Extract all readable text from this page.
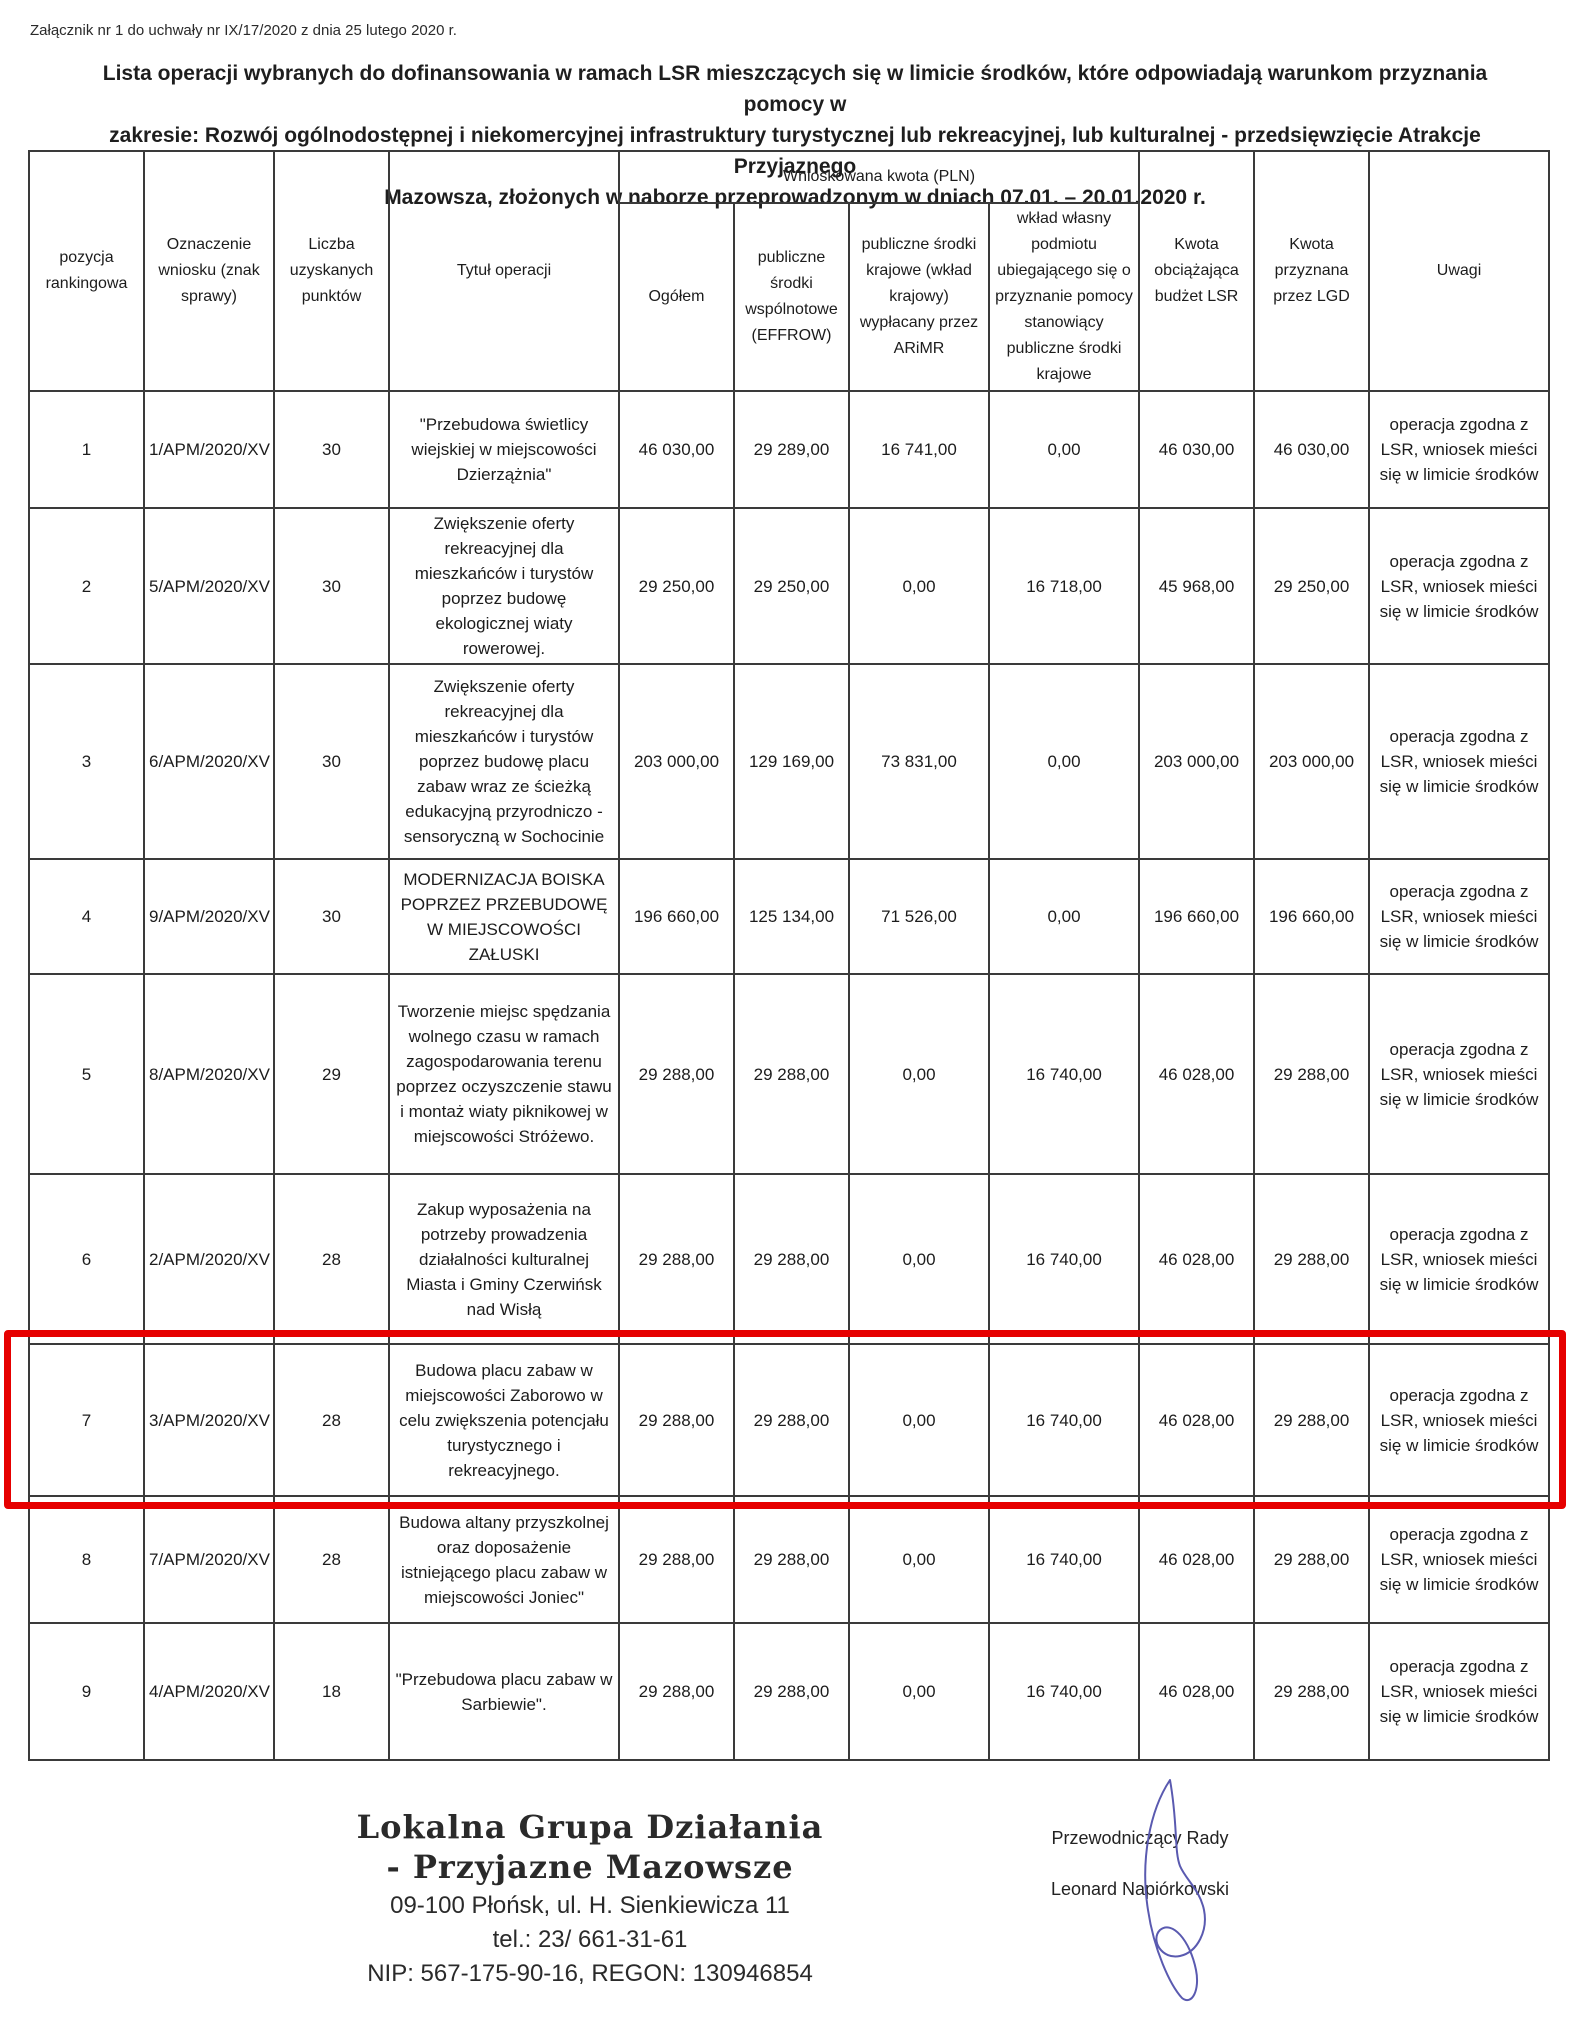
Załącznik nr 1 do uchwały nr IX/17/2020 z dnia 25 lutego 2020 r.
Lista operacji wybranych do dofinansowania w ramach LSR mieszczących się w limicie środków, które odpowiadają warunkom przyznania pomocy w
zakresie: Rozwój ogólnodostępnej i niekomercyjnej infrastruktury turystycznej lub rekreacyjnej, lub kulturalnej - przedsięwzięcie Atrakcje Przyjaznego
Mazowsza, złożonych w naborze przeprowadzonym w dniach 07.01. – 20.01.2020 r.
pozycja rankingowa	Oznaczenie wniosku (znak sprawy)	Liczba uzyskanych punktów	Tytuł operacji	Wnioskowana kwota (PLN)				Kwota obciążająca budżet LSR	Kwota przyznana przez LGD	Uwagi
				Ogółem	publiczne środki wspólnotowe (EFFROW)	publiczne środki krajowe (wkład krajowy) wypłacany przez ARiMR	wkład własny podmiotu ubiegającego się o przyznanie pomocy stanowiący publiczne środki krajowe			
1	1/APM/2020/XV	30	"Przebudowa świetlicy wiejskiej w miejscowości Dzierzążnia"	46 030,00	29 289,00	16 741,00	0,00	46 030,00	46 030,00	operacja zgodna z LSR, wniosek mieści się w limicie środków
2	5/APM/2020/XV	30	Zwiększenie oferty rekreacyjnej dla mieszkańców i turystów poprzez budowę ekologicznej wiaty rowerowej.	29 250,00	29 250,00	0,00	16 718,00	45 968,00	29 250,00	operacja zgodna z LSR, wniosek mieści się w limicie środków
3	6/APM/2020/XV	30	Zwiększenie oferty rekreacyjnej dla mieszkańców i turystów poprzez budowę placu zabaw wraz ze ścieżką edukacyjną przyrodniczo - sensoryczną w Sochocinie	203 000,00	129 169,00	73 831,00	0,00	203 000,00	203 000,00	operacja zgodna z LSR, wniosek mieści się w limicie środków
4	9/APM/2020/XV	30	MODERNIZACJA BOISKA POPRZEZ PRZEBUDOWĘ W MIEJSCOWOŚCI ZAŁUSKI	196 660,00	125 134,00	71 526,00	0,00	196 660,00	196 660,00	operacja zgodna z LSR, wniosek mieści się w limicie środków
5	8/APM/2020/XV	29	Tworzenie miejsc spędzania wolnego czasu w ramach zagospodarowania terenu poprzez oczyszczenie stawu i montaż wiaty piknikowej w miejscowości Stróżewo.	29 288,00	29 288,00	0,00	16 740,00	46 028,00	29 288,00	operacja zgodna z LSR, wniosek mieści się w limicie środków
6	2/APM/2020/XV	28	Zakup wyposażenia na potrzeby prowadzenia działalności kulturalnej Miasta i Gminy Czerwińsk nad Wisłą	29 288,00	29 288,00	0,00	16 740,00	46 028,00	29 288,00	operacja zgodna z LSR, wniosek mieści się w limicie środków
7	3/APM/2020/XV	28	Budowa placu zabaw w miejscowości Zaborowo w celu zwiększenia potencjału turystycznego i rekreacyjnego.	29 288,00	29 288,00	0,00	16 740,00	46 028,00	29 288,00	operacja zgodna z LSR, wniosek mieści się w limicie środków
8	7/APM/2020/XV	28	Budowa altany przyszkolnej oraz doposażenie istniejącego placu zabaw w miejscowości Joniec"	29 288,00	29 288,00	0,00	16 740,00	46 028,00	29 288,00	operacja zgodna z LSR, wniosek mieści się w limicie środków
9	4/APM/2020/XV	18	"Przebudowa placu zabaw w Sarbiewie".	29 288,00	29 288,00	0,00	16 740,00	46 028,00	29 288,00	operacja zgodna z LSR, wniosek mieści się w limicie środków
Lokalna Grupa Działania
- Przyjazne Mazowsze
09-100 Płońsk, ul. H. Sienkiewicza 11
tel.: 23/ 661-31-61
NIP: 567-175-90-16, REGON: 130946854
Przewodniczący Rady
Leonard Napiórkowski
